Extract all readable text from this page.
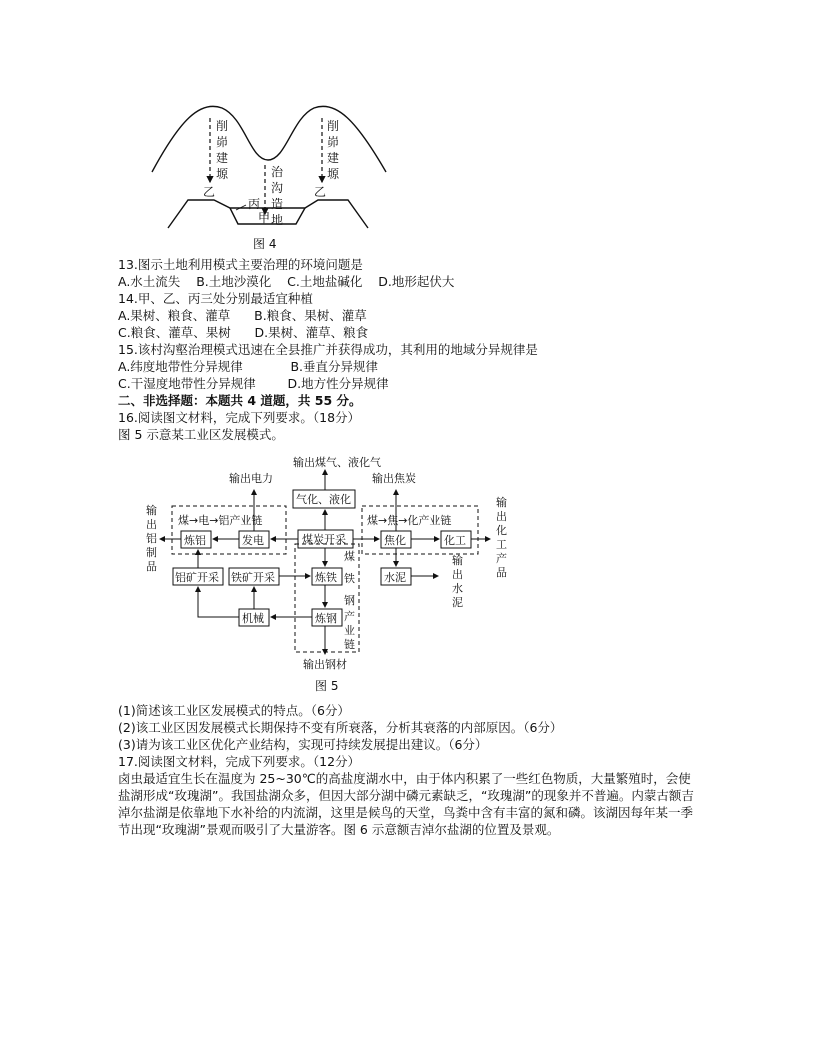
削
峁
建
塬
削
峁
建
塬
治
沟
造
地
乙	乙
丙
甲
图 4
13.图示土地利用模式主要治理的环境问题是
A.水土流失    B.土地沙漠化    C.土地盐碱化    D.地形起伏大
14.甲、乙、丙三处分别最适宜种植
A.果树、粮食、灌草      B.粮食、果树、灌草
C.粮食、灌草、果树      D.果树、灌草、粮食
15.该村沟壑治理模式迅速在全县推广并获得成功，其利用的地域分异规律是
A.纬度地带性分异规律            B.垂直分异规律
C.干湿度地带性分异规律        D.地方性分异规律
二、非选择题：本题共 4 道题，共 55 分。
16.阅读图文材料，完成下列要求。（18分）
图 5 示意某工业区发展模式。
输出电力
输出煤气、液化气
输出焦炭
煤→电→铝产业链	煤→焦→化产业链
气化、液化
炼铝	发电	煤炭开采	焦化	化工
铝矿开采 铁矿开采	炼铁	水泥
机械	炼钢
输出钢材
输
出
铝
制
品
输
出
化
工
产
品
输
出
水
泥
煤
铁
钢
产
业
链
图 5
(1)简述该工业区发展模式的特点。（6分）
(2)该工业区因发展模式长期保持不变有所衰落，分析其衰落的内部原因。（6分）
(3)请为该工业区优化产业结构，实现可持续发展提出建议。（6分）
17.阅读图文材料，完成下列要求。（12分）
卤虫最适宜生长在温度为 25~30℃的高盐度湖水中，由于体内积累了一些红色物质，大量繁殖时，会使盐湖形成“玫瑰湖”。我国盐湖众多，但因大部分湖中磷元素缺乏，“玫瑰湖”的现象并不普遍。内蒙古额吉淖尔盐湖是依靠地下水补给的内流湖，这里是候鸟的天堂，鸟粪中含有丰富的氮和磷。该湖因每年某一季节出现“玫瑰湖”景观而吸引了大量游客。图 6 示意额吉淖尔盐湖的位置及景观。
